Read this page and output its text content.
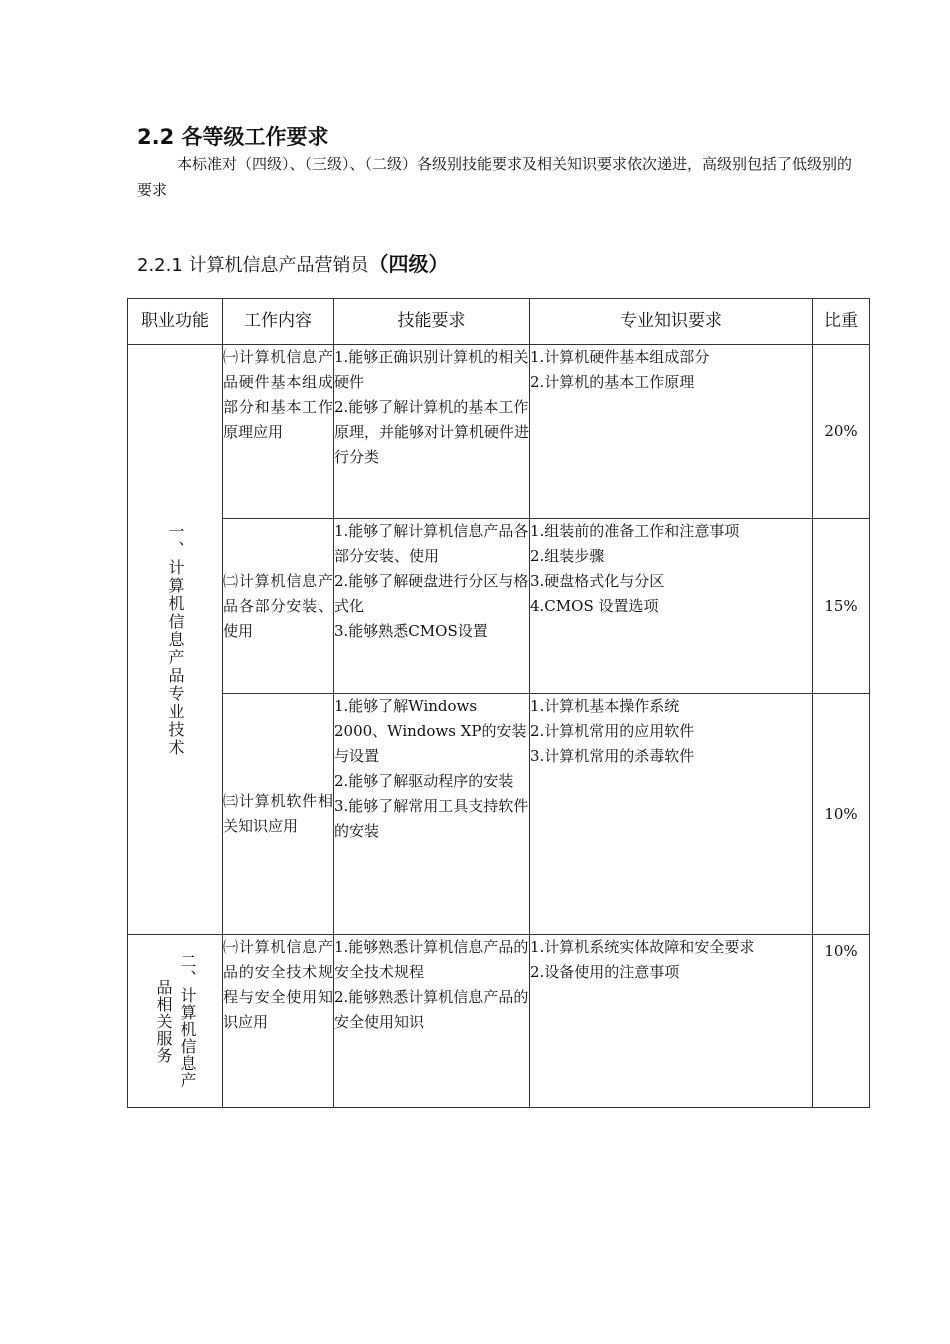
2.2 各等级工作要求
本标准对（四级）、（三级）、（二级）各级别技能要求及相关知识要求依次递进，高级别包括了低级别的要求
2.2.1 计算机信息产品营销员（四级）
职业功能	工作内容	技能要求	专业知识要求	比重

一、计算机信息产品专业技术	㈠计算机信息产品硬件基本组成部分和基本工作原理应用	1.能够正确识别计算机的相关硬件
2.能够了解计算机的基本工作原理，并能够对计算机硬件进行分类	1.计算机硬件基本组成部分
2.计算机的基本工作原理	20%
	㈡计算机信息产品各部分安装、使用	1.能够了解计算机信息产品各部分安装、使用
2.能够了解硬盘进行分区与格式化
3.能够熟悉CMOS设置	1.组装前的准备工作和注意事项
2.组装步骤
3.硬盘格式化与分区
4.CMOS 设置选项	15%
	㈢计算机软件相关知识应用	1.能够了解Windows 2000、Windows XP的安装与设置
2.能够了解驱动程序的安装
3.能够了解常用工具支持软件的安装	1.计算机基本操作系统
2.计算机常用的应用软件
3.计算机常用的杀毒软件	10%

二、计算机信息产品相关服务	㈠计算机信息产品的安全技术规程与安全使用知识应用	1.能够熟悉计算机信息产品的安全技术规程
2.能够熟悉计算机信息产品的安全使用知识	1.计算机系统实体故障和安全要求
2.设备使用的注意事项	10%
